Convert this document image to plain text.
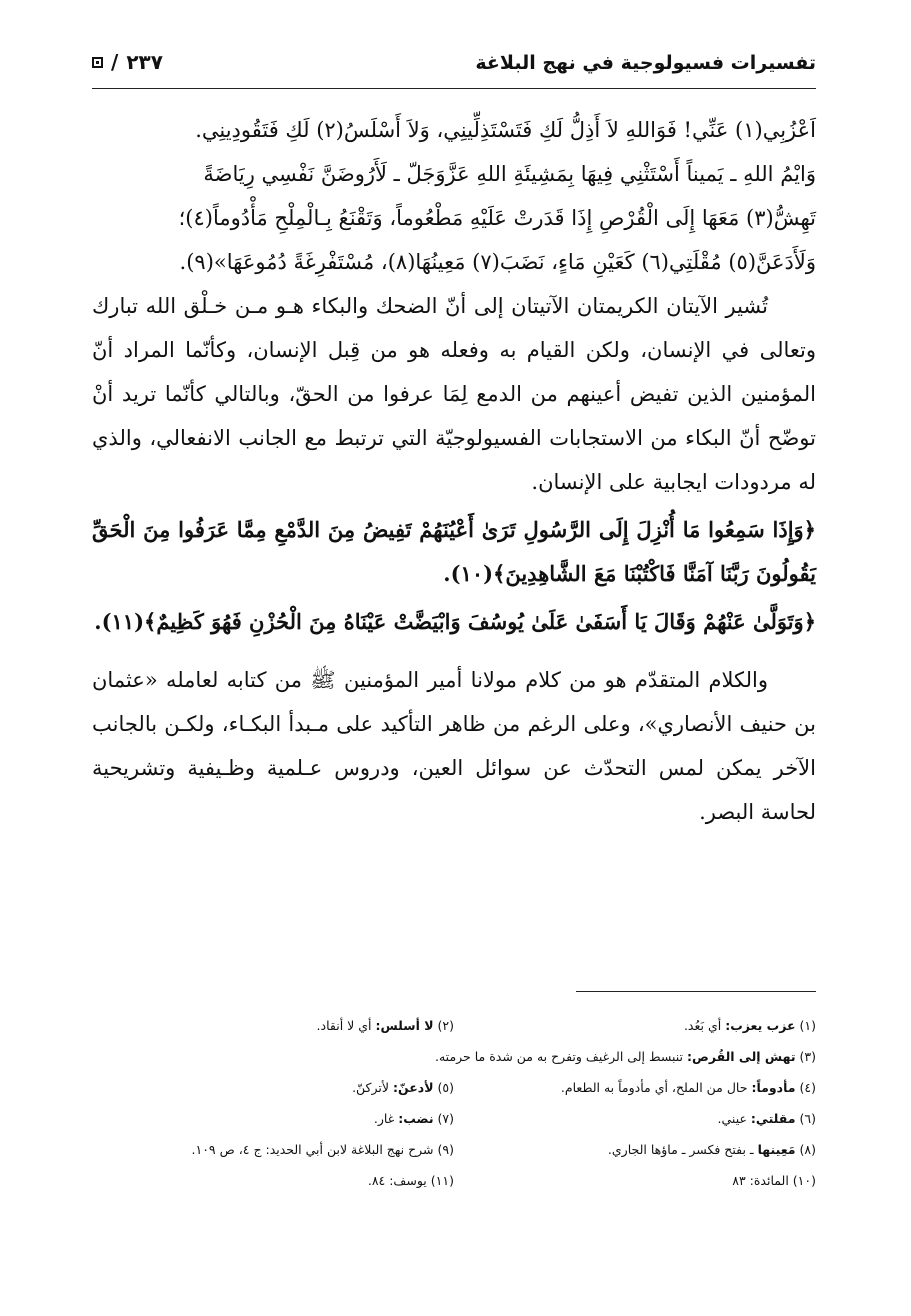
تفسيرات فسيولوجية في نهج البلاغة
٢٣٧
/

اَعْزُبِي(١) عَنِّي! فَوَاللهِ لاَ أَذِلُّ لَكِ فَتَسْتَذِلِّينِي، وَلاَ أَسْلَسُ(٢) لَكِ فَتَقُودِينِي.

وَايْمُ اللهِ ـ يَميناً أَسْتَثْنِي فِيهَا بِمَشِيئَةِ اللهِ عَزَّوَجَلّ ـ لَأَرُوضَنَّ نَفْسِي رِيَاضَةً

تَهِشُّ(٣) مَعَهَا إِلَى الْقُرْصِ إِذَا قَدَرتْ عَلَيْهِ مَطْعُوماً، وَتَقْنَعُ بِـالْمِلْحِ مَأْدُوماً(٤)؛

وَلَأَدَعَنَّ(٥) مُقْلَتِي(٦) كَعَيْنِ مَاءٍ، نَضَبَ(٧) مَعِينُهَا(٨)، مُسْتَفْرِغَةً دُمُوعَهَا»(٩).

تُشير الآيتان الكريمتان الآتيتان إلى أنّ الضحك والبكاء هـو مـن خـلْق الله تبارك وتعالى في الإنسان، ولكن القيام به وفعله هو من قِبل الإنسان، وكأنّما المراد أنّ المؤمنين الذين تفيض أعينهم من الدمع لِمَا عرفوا من الحقّ، وبالتالي كأنّما تريد أنْ توضّح أنّ البكاء من الاستجابات الفسيولوجيّة التي ترتبط مع الجانب الانفعالي، والذي له مردودات ايجابية على الإنسان.

﴿وَإِذَا سَمِعُوا مَا أُنْزِلَ إِلَى الرَّسُولِ تَرَىٰ أَعْيُنَهُمْ تَفِيضُ مِنَ الدَّمْعِ مِمَّا عَرَفُوا مِنَ الْحَقِّ يَقُولُونَ رَبَّنَا آمَنَّا فَاكْتُبْنَا مَعَ الشَّاهِدِينَ﴾(١٠).

﴿وَتَوَلَّىٰ عَنْهُمْ وَقَالَ يَا أَسَفَىٰ عَلَىٰ يُوسُفَ وَابْيَضَّتْ عَيْنَاهُ مِنَ الْحُزْنِ فَهُوَ كَظِيمٌ﴾(١١).

والكلام المتقدّم هو من كلام مولانا أمير المؤمنين ﷺ من كتابه لعامله «عثمان بن حنيف الأنصاري»، وعلى الرغم من ظاهر التأكيد على مـبدأ البكـاء، ولكـن بالجانب الآخر يمكن لمس التحدّث عن سوائل العين، ودروس عـلمية وظـيفية وتشريحية لحاسة البصر.

(١) عزب يعزب: أي بَعُد.
(٢) لا أسلس: أي لا أنقاد.
(٣) تهش إلى القُرص: تنبسط إلى الرغيف وتفرح به من شدة ما حرمته.
(٤) مأدوماً: حال من الملح، أي مأدوماً به الطعام.
(٥) لأدعنّ: لأتركنّ.
(٦) مقلتي: عيني.
(٧) نضب: غار.
(٨) مَعِينها ـ بفتح فكسر ـ ماؤها الجاري.
(٩) شرح نهج البلاغة لابن أبي الحديد: ج ٤، ص ١٠٩.
(١٠) المائدة: ٨٣
(١١) يوسف: ٨٤.
